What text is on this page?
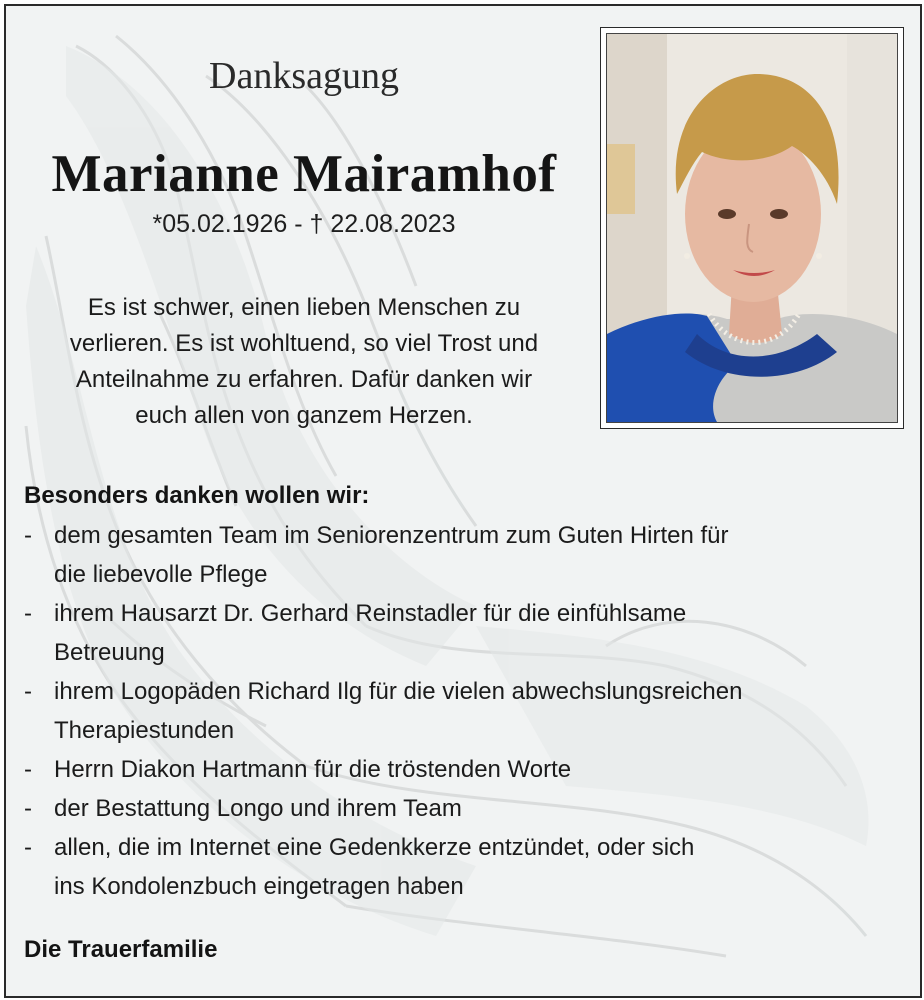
Danksagung
Marianne Mairamhof
*05.02.1926 - † 22.08.2023
Es ist schwer, einen lieben Menschen zu
verlieren. Es ist wohltuend, so viel Trost und
Anteilnahme zu erfahren. Dafür danken wir
euch allen von ganzem Herzen.
Besonders danken wollen wir:
- dem gesamten Team im Seniorenzentrum zum Guten Hirten für
die liebevolle Pflege
- ihrem Hausarzt Dr. Gerhard Reinstadler für die einfühlsame
Betreuung
- ihrem Logopäden Richard Ilg für die vielen abwechslungsreichen
Therapiestunden
- Herrn Diakon Hartmann für die tröstenden Worte
- der Bestattung Longo und ihrem Team
- allen, die im Internet eine Gedenkkerze entzündet, oder sich
ins Kondolenzbuch eingetragen haben
Die Trauerfamilie
